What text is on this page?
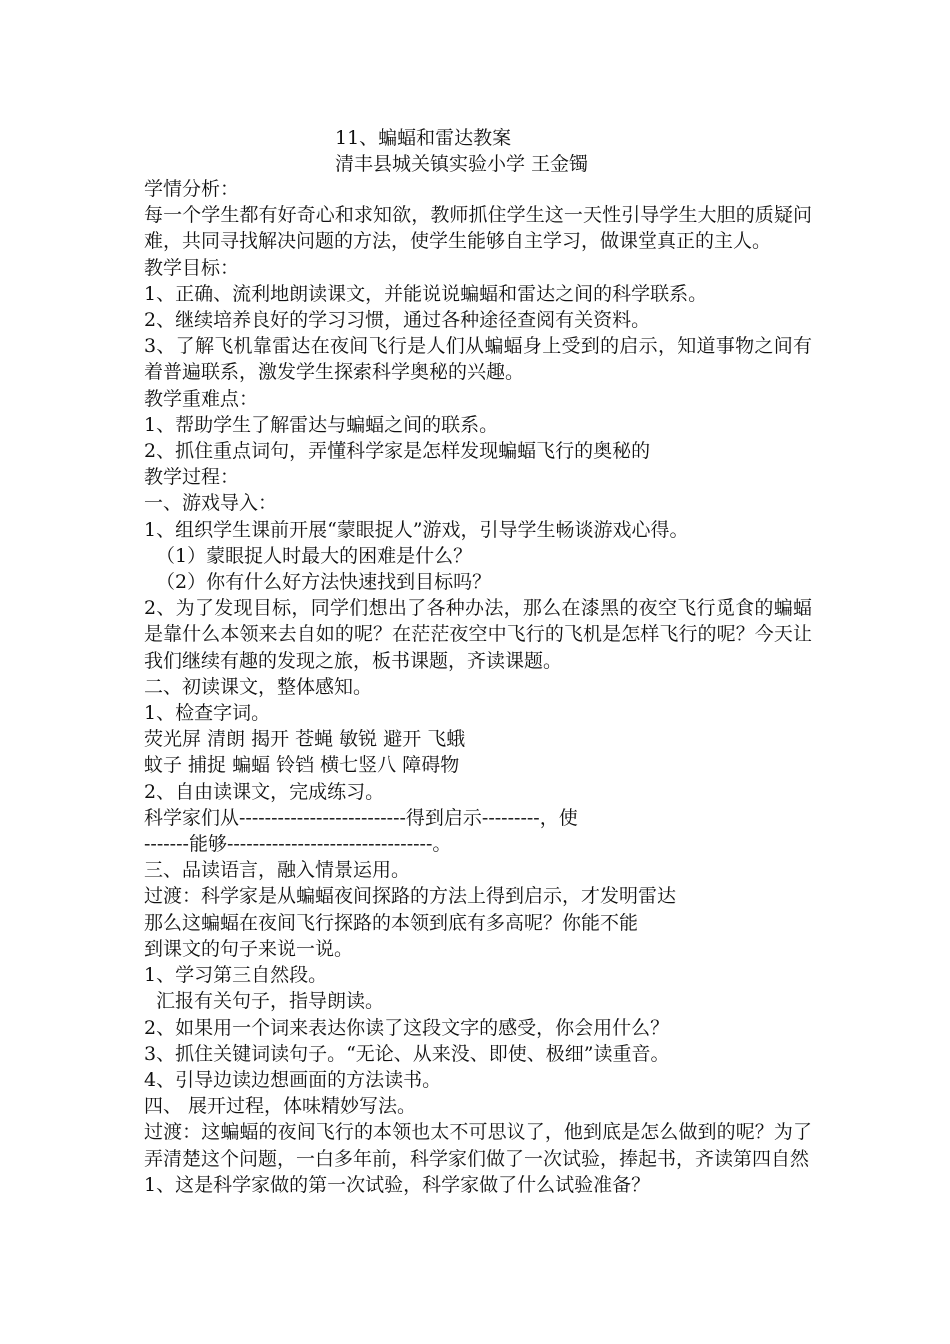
11、蝙蝠和雷达教案
清丰县城关镇实验小学 王金镯

学情分析：

每一个学生都有好奇心和求知欲，教师抓住学生这一天性引导学生大胆的质疑问难，共同寻找解决问题的方法，使学生能够自主学习，做课堂真正的主人。

教学目标：

1、正确、流利地朗读课文，并能说说蝙蝠和雷达之间的科学联系。

2、继续培养良好的学习习惯，通过各种途径查阅有关资料。

3、了解飞机靠雷达在夜间飞行是人们从蝙蝠身上受到的启示，知道事物之间有着普遍联系，激发学生探索科学奥秘的兴趣。

教学重难点：

1、帮助学生了解雷达与蝙蝠之间的联系。

2、抓住重点词句，弄懂科学家是怎样发现蝙蝠飞行的奥秘的

教学过程：

一、游戏导入：

1、组织学生课前开展“蒙眼捉人”游戏，引导学生畅谈游戏心得。

（1）蒙眼捉人时最大的困难是什么？

（2）你有什么好方法快速找到目标吗？

2、为了发现目标，同学们想出了各种办法，那么在漆黑的夜空飞行觅食的蝙蝠是靠什么本领来去自如的呢？在茫茫夜空中飞行的飞机是怎样飞行的呢？今天让我们继续有趣的发现之旅，板书课题，齐读课题。

二、初读课文，整体感知。

1、检查字词。

荧光屏 清朗 揭开 苍蝇 敏锐 避开 飞蛾

蚊子 捕捉 蝙蝠 铃铛 横七竖八 障碍物

2、自由读课文，完成练习。

科学家们从--------------------------得到启示---------，使

-------能够--------------------------------。

三、品读语言，融入情景运用。

过渡：科学家是从蝙蝠夜间探路的方法上得到启示，才发明雷达

那么这蝙蝠在夜间飞行探路的本领到底有多高呢？你能不能

到课文的句子来说一说。

1、学习第三自然段。

汇报有关句子，指导朗读。

2、如果用一个词来表达你读了这段文字的感受，你会用什么？

3、抓住关键词读句子。“无论、从来没、即使、极细”读重音。

4、引导边读边想画面的方法读书。

四、 展开过程，体味精妙写法。

过渡：这蝙蝠的夜间飞行的本领也太不可思议了，他到底是怎么做到的呢？为了弄清楚这个问题，一白多年前，科学家们做了一次试验，捧起书，齐读第四自然

1、这是科学家做的第一次试验，科学家做了什么试验准备？
